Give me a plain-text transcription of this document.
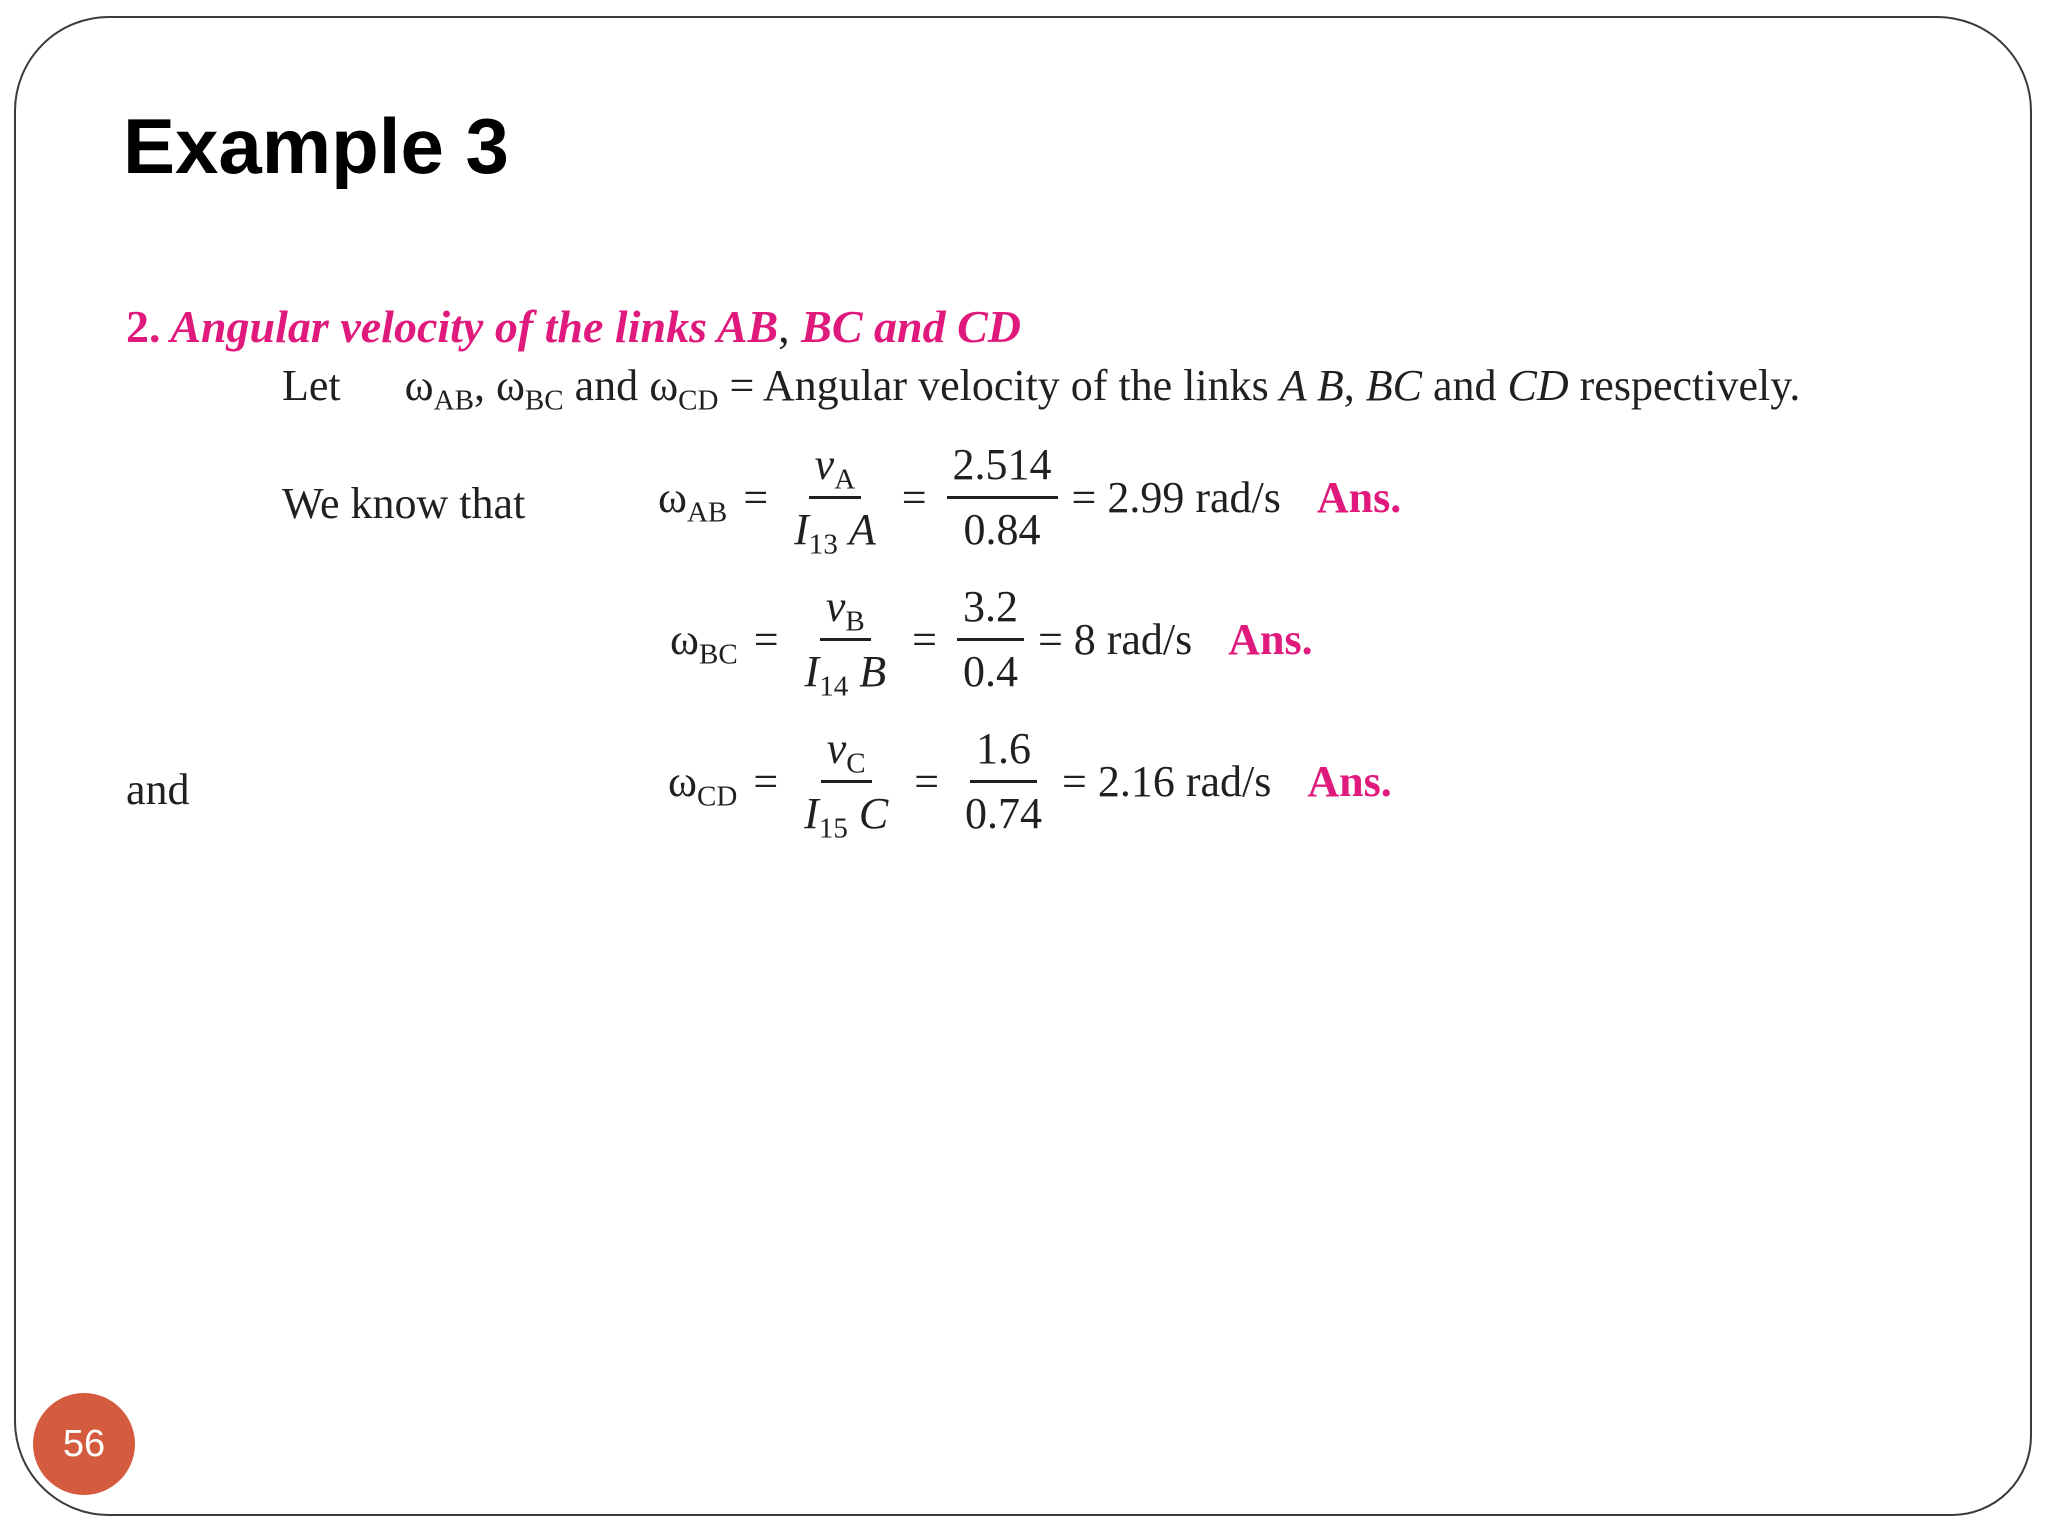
Example 3
2. Angular velocity of the links AB, BC and CD
Let $\omega_{AB}$, $\omega_{BC}$ and $\omega_{CD}$ = Angular velocity of the links A B, BC and CD respectively.
We know that	$\omega_{AB} = \frac{v_A}{I_{13} A} = \frac{2.514}{0.84} = 2.99$ rad/s Ans.
$\omega_{BC} = \frac{v_B}{I_{14} B} = \frac{3.2}{0.4} = 8$ rad/s Ans.
and	$\omega_{CD} = \frac{v_C}{I_{15} C} = \frac{1.6}{0.74} = 2.16$ rad/s Ans.
56
